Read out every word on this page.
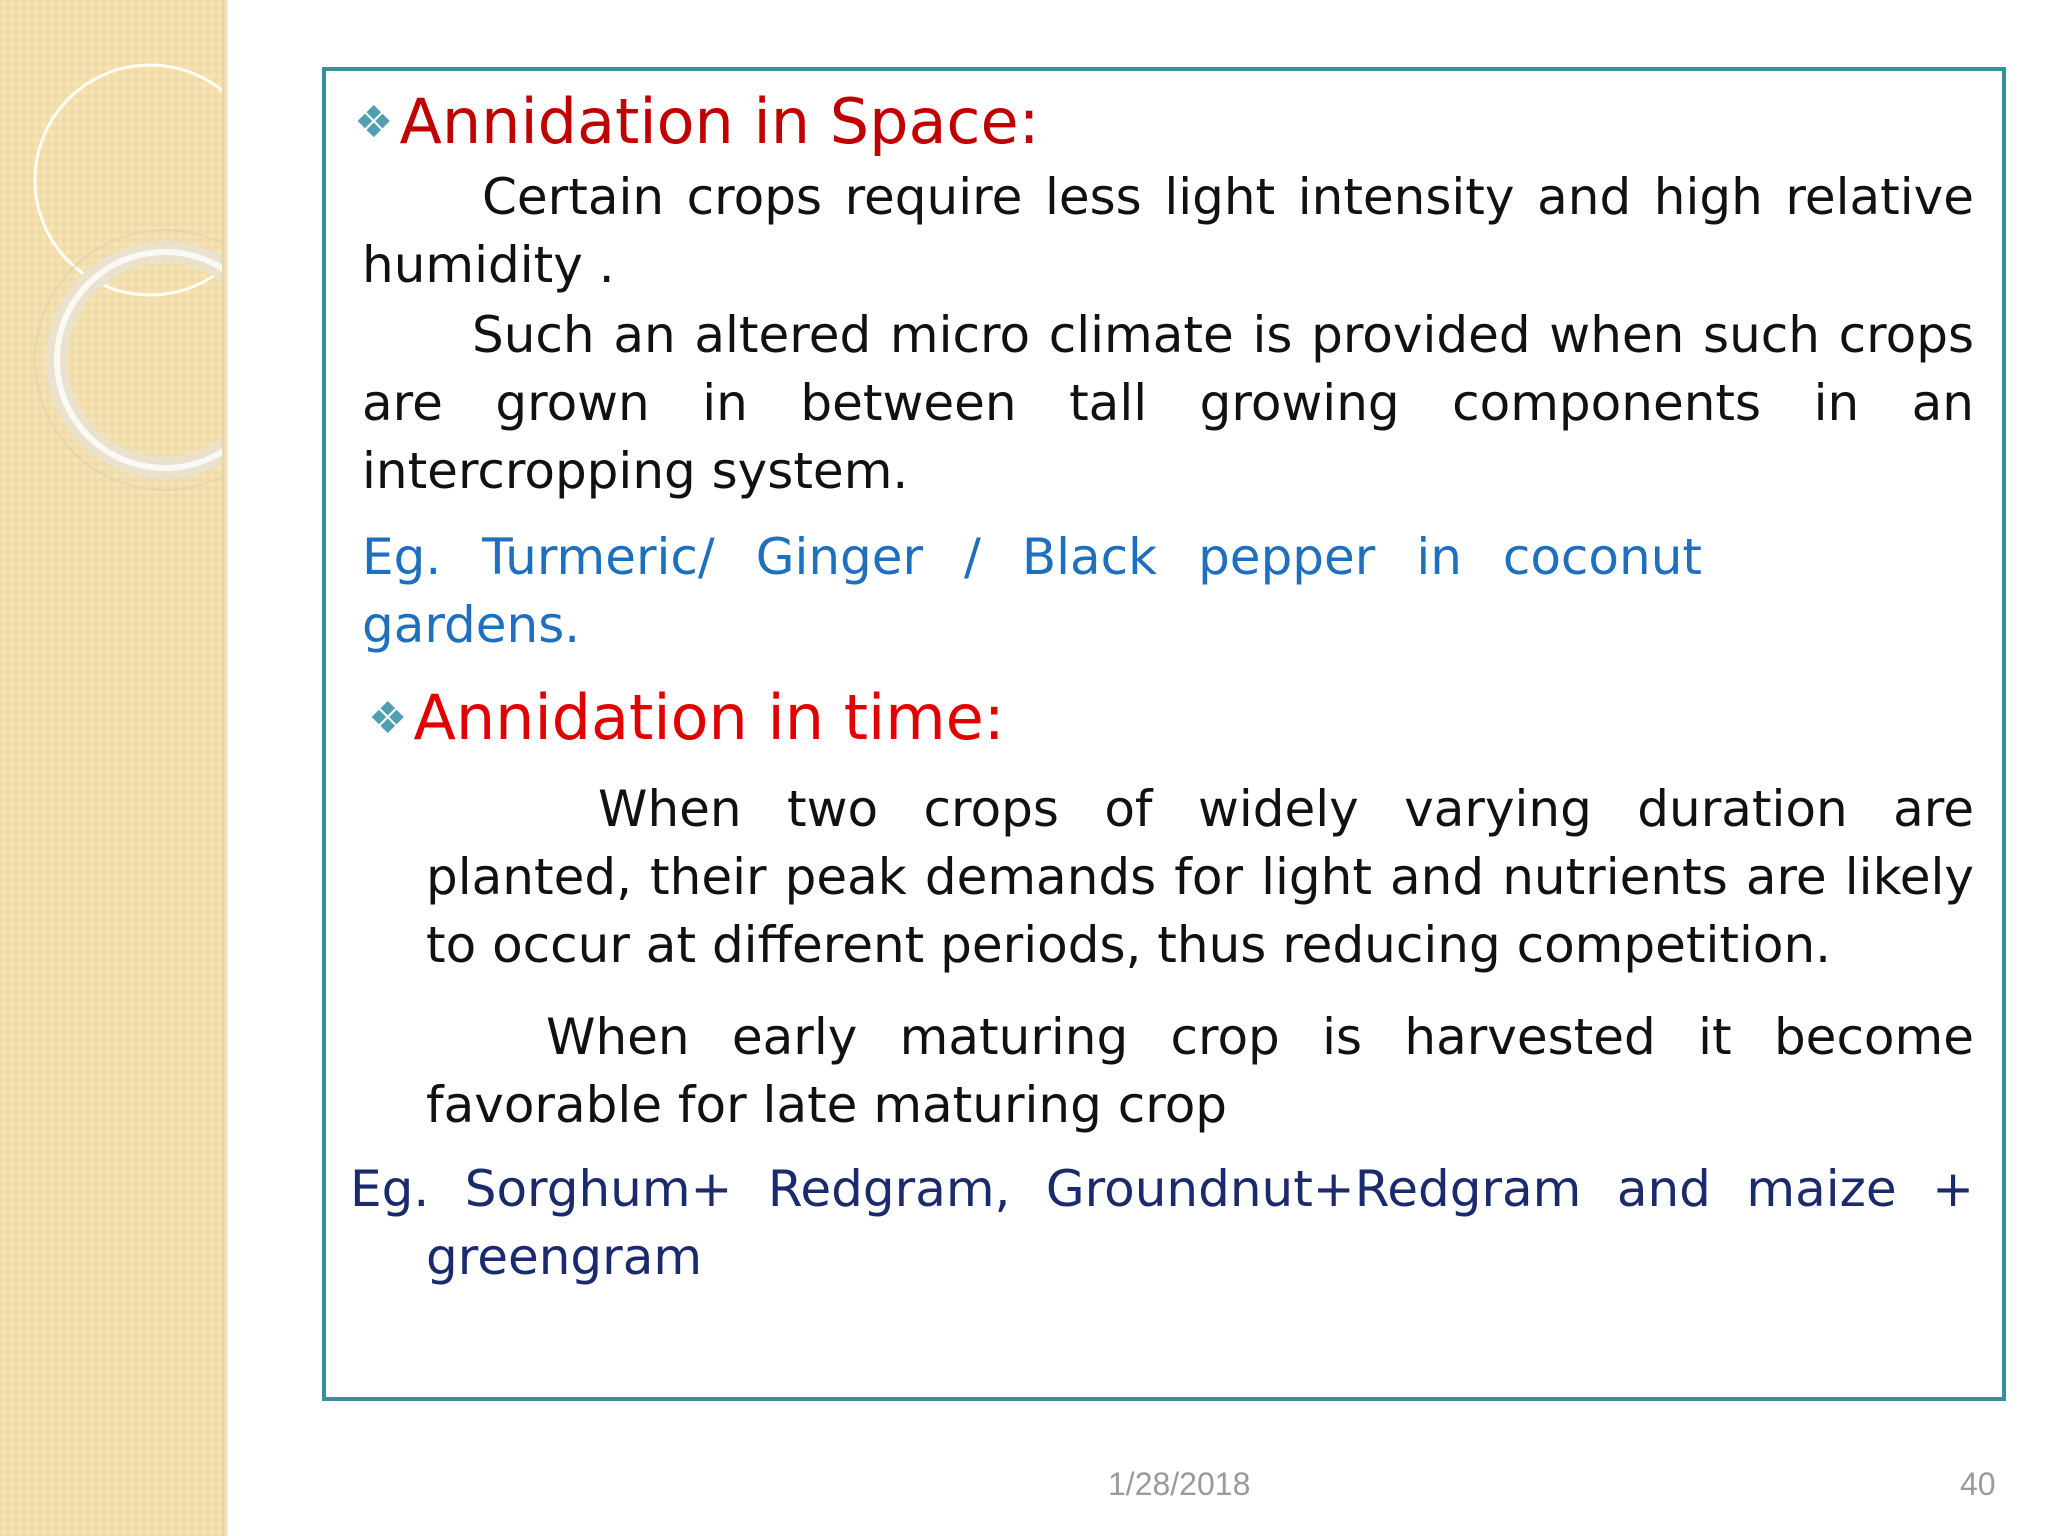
❖Annidation in Space:
Certain crops require less light intensity and high relative humidity .
Such an altered micro climate is provided when such crops are grown in between tall growing components in an intercropping system.
Eg. Turmeric/ Ginger / Black pepper in coconut gardens.
❖Annidation in time:
When two crops of widely varying duration are planted, their peak demands for light and nutrients are likely to occur at different periods, thus reducing competition.
When early maturing crop is harvested it become favorable for late maturing crop
Eg. Sorghum+ Redgram, Groundnut+Redgram and maize + greengram
1/28/2018	40
